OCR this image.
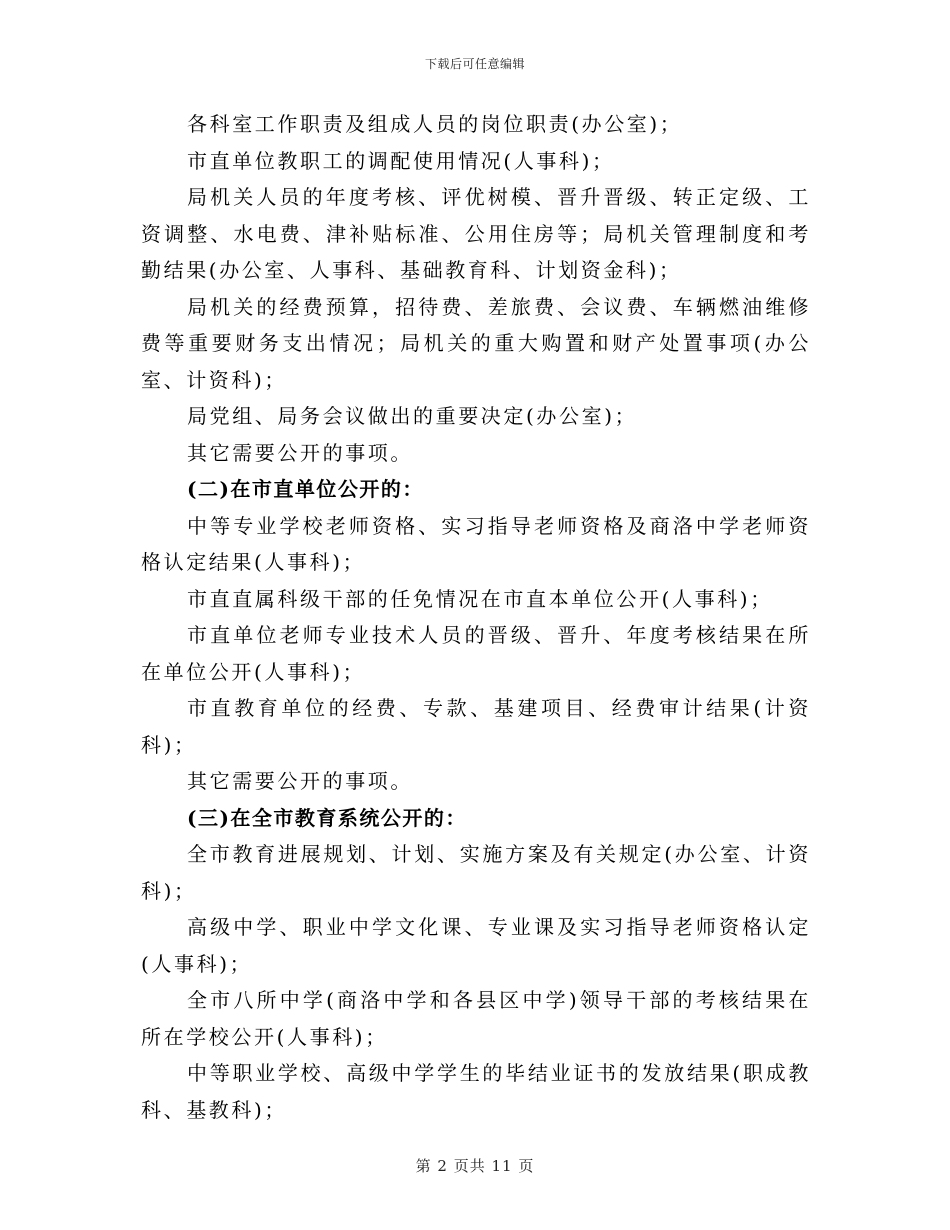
下载后可任意编辑

各科室工作职责及组成人员的岗位职责(办公室)；

市直单位教职工的调配使用情况(人事科)；

局机关人员的年度考核、评优树模、晋升晋级、转正定级、工资调整、水电费、津补贴标准、公用住房等；局机关管理制度和考勤结果(办公室、人事科、基础教育科、计划资金科)；

局机关的经费预算，招待费、差旅费、会议费、车辆燃油维修费等重要财务支出情况；局机关的重大购置和财产处置事项(办公室、计资科)；

局党组、局务会议做出的重要决定(办公室)；

其它需要公开的事项。

(二)在市直单位公开的：

中等专业学校老师资格、实习指导老师资格及商洛中学老师资格认定结果(人事科)；

市直直属科级干部的任免情况在市直本单位公开(人事科)；

市直单位老师专业技术人员的晋级、晋升、年度考核结果在所在单位公开(人事科)；

市直教育单位的经费、专款、基建项目、经费审计结果(计资科)；

其它需要公开的事项。

(三)在全市教育系统公开的：

全市教育进展规划、计划、实施方案及有关规定(办公室、计资科)；

高级中学、职业中学文化课、专业课及实习指导老师资格认定(人事科)；

全市八所中学(商洛中学和各县区中学)领导干部的考核结果在所在学校公开(人事科)；

中等职业学校、高级中学学生的毕结业证书的发放结果(职成教科、基教科)；

第 2 页共 11 页
